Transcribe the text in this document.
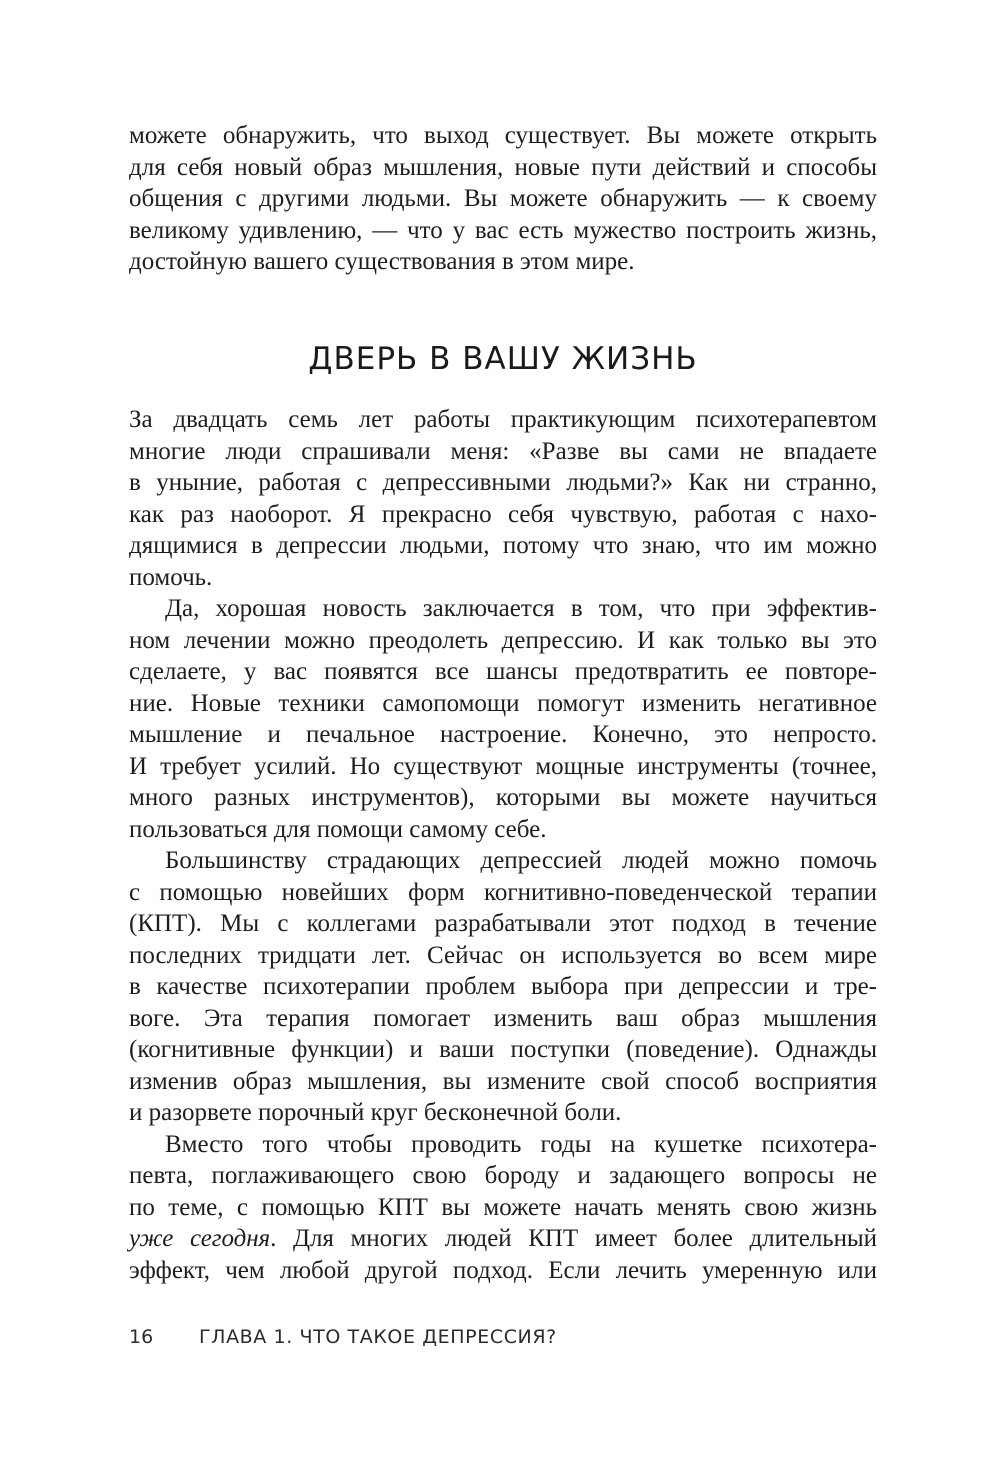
можете обнаружить, что выход существует. Вы можете открыть
для себя новый образ мышления, новые пути действий и способы
общения с другими людьми. Вы можете обнаружить — к своему
великому удивлению, — что у вас есть мужество построить жизнь,
достойную вашего существования в этом мире.
ДВЕРЬ В ВАШУ ЖИЗНЬ
За двадцать семь лет работы практикующим психотерапевтом
многие люди спрашивали меня: «Разве вы сами не впадаете
в уныние, работая с депрессивными людьми?» Как ни странно,
как раз наоборот. Я прекрасно себя чувствую, работая с нахо-
дящимися в депрессии людьми, потому что знаю, что им можно
помочь.
Да, хорошая новость заключается в том, что при эффектив-
ном лечении можно преодолеть депрессию. И как только вы это
сделаете, у вас появятся все шансы предотвратить ее повторе-
ние. Новые техники самопомощи помогут изменить негативное
мышление и печальное настроение. Конечно, это непросто.
И требует усилий. Но существуют мощные инструменты (точнее,
много разных инструментов), которыми вы можете научиться
пользоваться для помощи самому себе.
Большинству страдающих депрессией людей можно помочь
с помощью новейших форм когнитивно-поведенческой терапии
(КПТ). Мы с коллегами разрабатывали этот подход в течение
последних тридцати лет. Сейчас он используется во всем мире
в качестве психотерапии проблем выбора при депрессии и тре-
воге. Эта терапия помогает изменить ваш образ мышления
(когнитивные функции) и ваши поступки (поведение). Однажды
изменив образ мышления, вы измените свой способ восприятия
и разорвете порочный круг бесконечной боли.
Вместо того чтобы проводить годы на кушетке психотера-
певта, поглаживающего свою бороду и задающего вопросы не
по теме, с помощью КПТ вы можете начать менять свою жизнь
уже сегодня. Для многих людей КПТ имеет более длительный
эффект, чем любой другой подход. Если лечить умеренную или
16 ГЛАВА 1. ЧТО ТАКОЕ ДЕПРЕССИЯ?
